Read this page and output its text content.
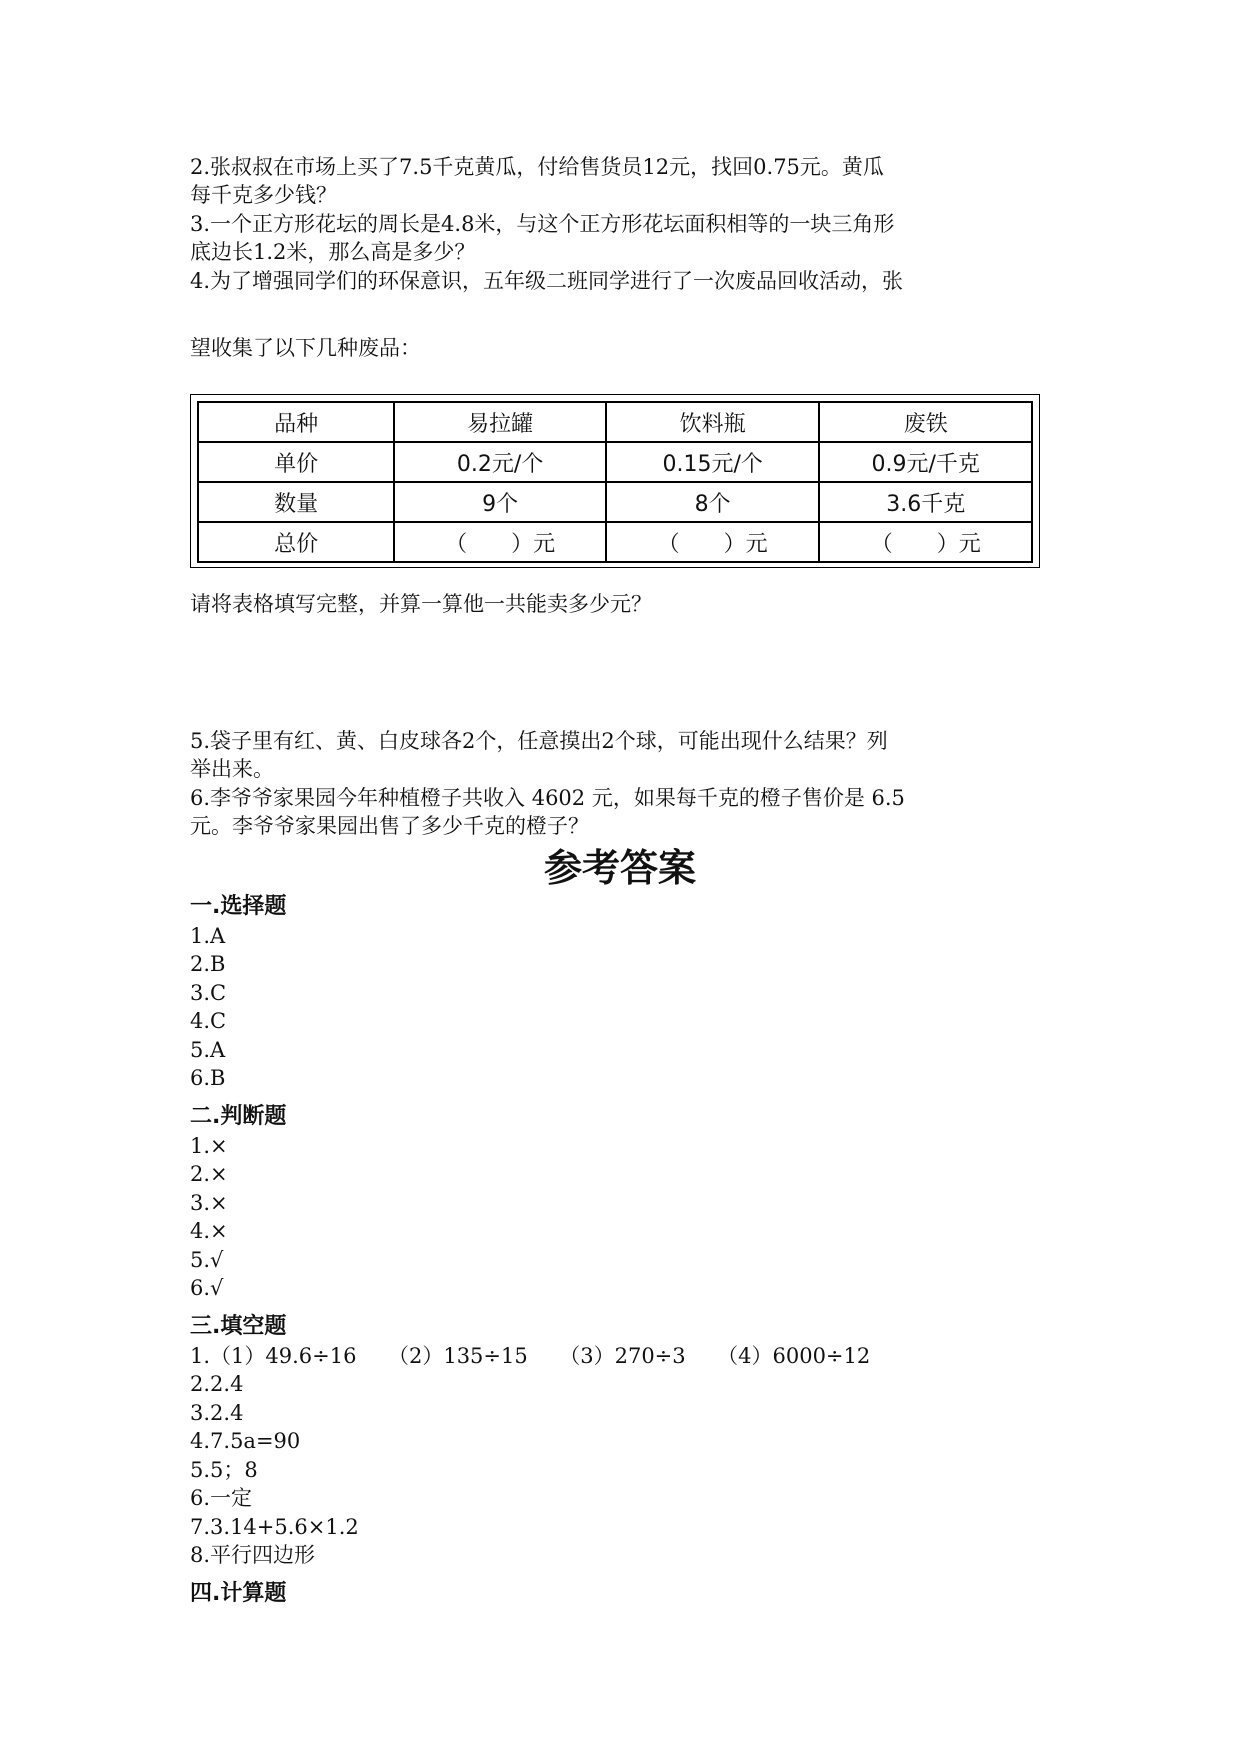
2.张叔叔在市场上买了7.5千克黄瓜，付给售货员12元，找回0.75元。黄瓜
每千克多少钱？
3.一个正方形花坛的周长是4.8米，与这个正方形花坛面积相等的一块三角形
底边长1.2米，那么高是多少？
4.为了增强同学们的环保意识，五年级二班同学进行了一次废品回收活动，张
望收集了以下几种废品：
品种	易拉罐	饮料瓶	废铁
单价	0.2元/个	0.15元/个	0.9元/千克
数量	9个	8个	3.6千克
总价	（　　）元	（　　）元	（　　）元
请将表格填写完整，并算一算他一共能卖多少元？
5.袋子里有红、黄、白皮球各2个，任意摸出2个球，可能出现什么结果？列
举出来。
6.李爷爷家果园今年种植橙子共收入 4602 元，如果每千克的橙子售价是 6.5
元。李爷爷家果园出售了多少千克的橙子？
参考答案
一.选择题
1.A
2.B
3.C
4.C
5.A
6.B
二.判断题
1.×
2.×
3.×
4.×
5.√
6.√
三.填空题
1.（1）49.6÷16　　（2）135÷15　　（3）270÷3　　（4）6000÷12
2.2.4
3.2.4
4.7.5a=90
5.5；8
6.一定
7.3.14+5.6×1.2
8.平行四边形
四.计算题
